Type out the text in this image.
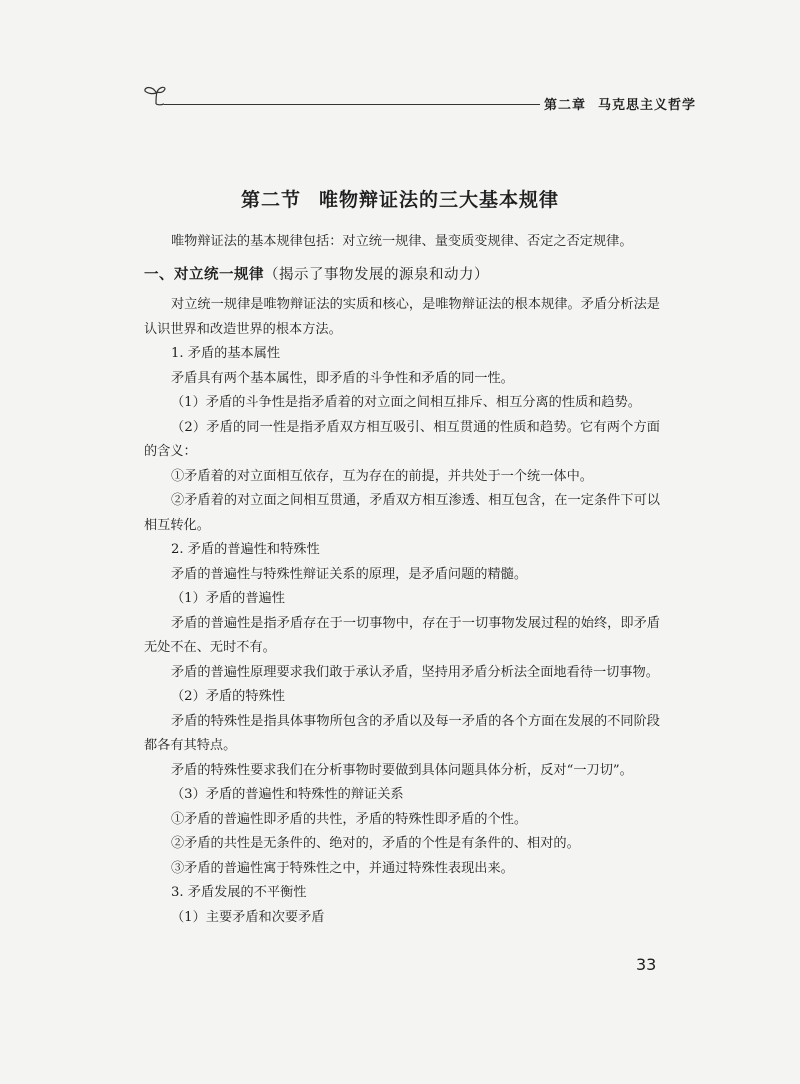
第二章 马克思主义哲学
第二节 唯物辩证法的三大基本规律

唯物辩证法的基本规律包括：对立统一规律、量变质变规律、否定之否定规律。

一、对立统一规律（揭示了事物发展的源泉和动力）

对立统一规律是唯物辩证法的实质和核心，是唯物辩证法的根本规律。矛盾分析法是认识世界和改造世界的根本方法。

1. 矛盾的基本属性

矛盾具有两个基本属性，即矛盾的斗争性和矛盾的同一性。

（1）矛盾的斗争性是指矛盾着的对立面之间相互排斥、相互分离的性质和趋势。

（2）矛盾的同一性是指矛盾双方相互吸引、相互贯通的性质和趋势。它有两个方面的含义：

①矛盾着的对立面相互依存，互为存在的前提，并共处于一个统一体中。

②矛盾着的对立面之间相互贯通，矛盾双方相互渗透、相互包含，在一定条件下可以相互转化。

2. 矛盾的普遍性和特殊性

矛盾的普遍性与特殊性辩证关系的原理，是矛盾问题的精髓。

（1）矛盾的普遍性

矛盾的普遍性是指矛盾存在于一切事物中，存在于一切事物发展过程的始终，即矛盾无处不在、无时不有。

矛盾的普遍性原理要求我们敢于承认矛盾，坚持用矛盾分析法全面地看待一切事物。

（2）矛盾的特殊性

矛盾的特殊性是指具体事物所包含的矛盾以及每一矛盾的各个方面在发展的不同阶段都各有其特点。

矛盾的特殊性要求我们在分析事物时要做到具体问题具体分析，反对“一刀切”。

（3）矛盾的普遍性和特殊性的辩证关系

①矛盾的普遍性即矛盾的共性，矛盾的特殊性即矛盾的个性。

②矛盾的共性是无条件的、绝对的，矛盾的个性是有条件的、相对的。

③矛盾的普遍性寓于特殊性之中，并通过特殊性表现出来。

3. 矛盾发展的不平衡性

（1）主要矛盾和次要矛盾

33
